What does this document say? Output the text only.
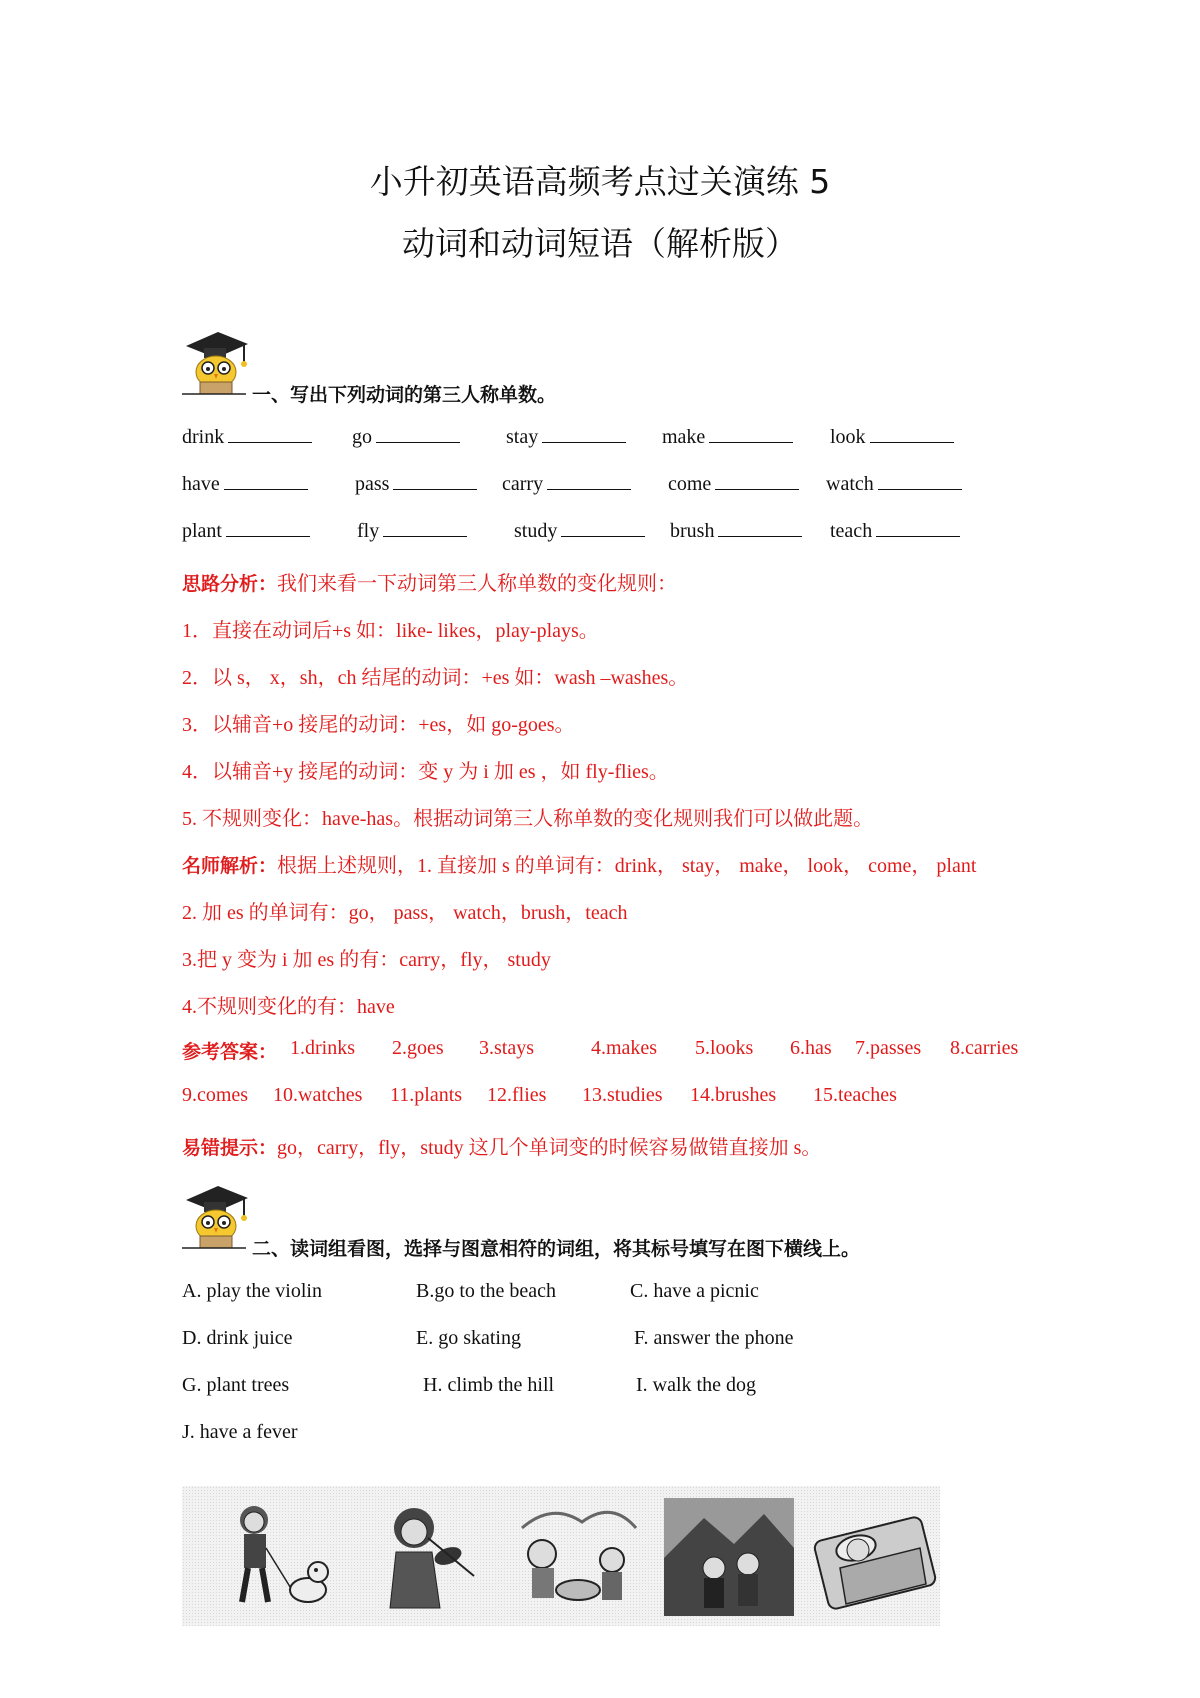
小升初英语高频考点过关演练 5
动词和动词短语（解析版）
一、写出下列动词的第三人称单数。
drink	go	stay	make	look
have	pass	carry	come	watch
plant	fly	study	brush	teach
思路分析：我们来看一下动词第三人称单数的变化规则：
1．直接在动词后+s 如：like- likes，play-plays。
2．以 s， x，sh，ch 结尾的动词：+es 如：wash –washes。
3．以辅音+o 接尾的动词：+es，如 go-goes。
4．以辅音+y 接尾的动词：变 y 为 i 加 es ，如 fly-flies。
5. 不规则变化：have-has。根据动词第三人称单数的变化规则我们可以做此题。
名师解析：根据上述规则，1. 直接加 s 的单词有：drink， stay， make， look， come， plant
2. 加 es 的单词有：go， pass， watch，brush，teach
3.把 y 变为 i 加 es 的有：carry，fly， study
4.不规则变化的有：have
参考答案： 1.drinks 2.goes 3.stays	4.makes 5.looks 6.has 7.passes 8.carries
9.comes 10.watches 11.plants 12.flies 13.studies 14.brushes 15.teaches
易错提示：go，carry，fly，study 这几个单词变的时候容易做错直接加 s。
二、读词组看图，选择与图意相符的词组，将其标号填写在图下横线上。
A. play the violin	B.go to the beach	C. have a picnic
D. drink juice	E. go skating	F. answer the phone
G. plant trees	H. climb the hill	I. walk the dog
J. have a fever
